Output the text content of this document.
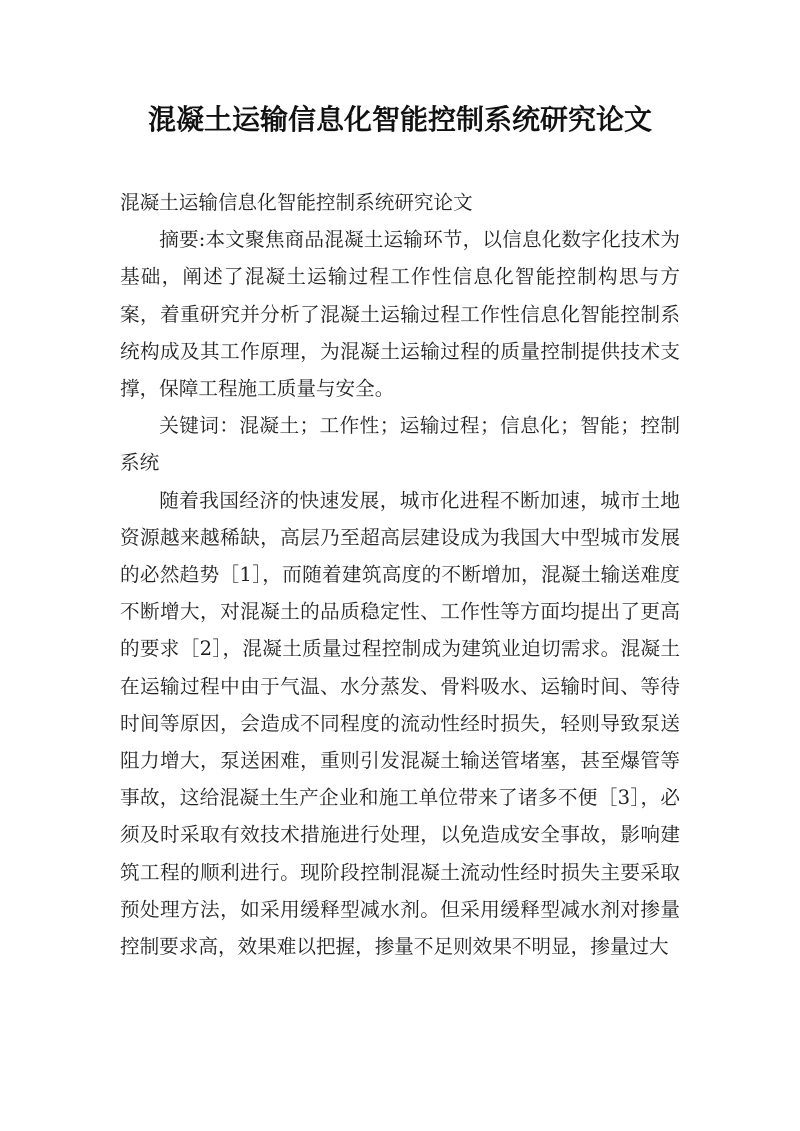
混凝土运输信息化智能控制系统研究论文

混凝土运输信息化智能控制系统研究论文

摘要:本文聚焦商品混凝土运输环节，以信息化数字化技术为基础，阐述了混凝土运输过程工作性信息化智能控制构思与方案，着重研究并分析了混凝土运输过程工作性信息化智能控制系统构成及其工作原理，为混凝土运输过程的质量控制提供技术支撑，保障工程施工质量与安全。

关键词：混凝土；工作性；运输过程；信息化；智能；控制系统

随着我国经济的快速发展，城市化进程不断加速，城市土地资源越来越稀缺，高层乃至超高层建设成为我国大中型城市发展的必然趋势［1］，而随着建筑高度的不断增加，混凝土输送难度不断增大，对混凝土的品质稳定性、工作性等方面均提出了更高的要求［2］，混凝土质量过程控制成为建筑业迫切需求。混凝土在运输过程中由于气温、水分蒸发、骨料吸水、运输时间、等待时间等原因，会造成不同程度的流动性经时损失，轻则导致泵送阻力增大，泵送困难，重则引发混凝土输送管堵塞，甚至爆管等事故，这给混凝土生产企业和施工单位带来了诸多不便［3］，必须及时采取有效技术措施进行处理，以免造成安全事故，影响建筑工程的顺利进行。现阶段控制混凝土流动性经时损失主要采取预处理方法，如采用缓释型减水剂。但采用缓释型减水剂对掺量控制要求高，效果难以把握，掺量不足则效果不明显，掺量过大
